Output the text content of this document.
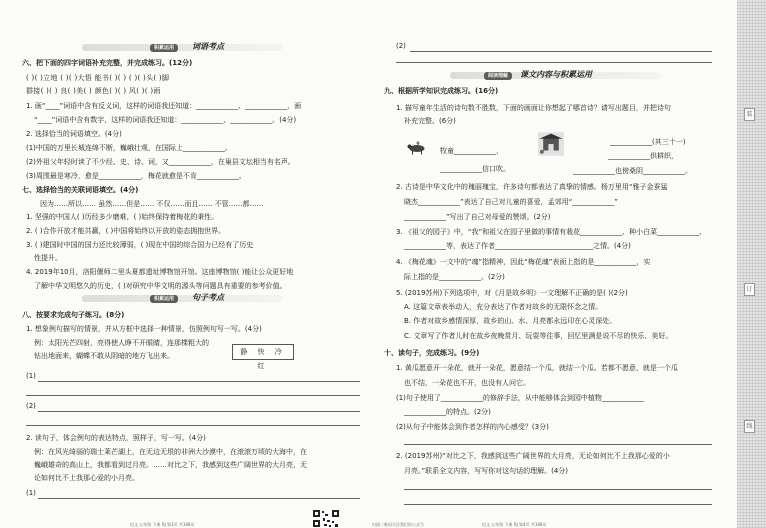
积累运用	词语考点
六、把下面的四字词语补充完整，并完成练习。(12分)
( )( )立地 ( )( )大悟 能书( )( ) ( )( )头( )脚
群接( )( ) 良( )美( ) 颜色( )( ) 风( )( )雨
1. 画“____”词语中含有反义词，这样的词语我还知道：____________、____________，画
“____”词语中含有数字，这样的词语我还知道：____________、____________。(4分)
2. 选择恰当的词语填空。(4分)
(1)中国的万里长城连绵不断，巍峨壮观，在国际上____________。
(2)外祖父年轻时读了不少经、史、诗、词，又____________，在巢县文坛相当有名声。
(3)周围最是寒冷，愈是____________，梅花就愈是不肯____________。
七、选择恰当的关联词语填空。(4分)
因为……所以…… 虽然……但是…… 不仅……而且…… 不管……都……
1. 坚强的中国人( )历经多少磨难，( )始终保持着梅花的秉性。
2. ( )合作开放才能共赢，( )中国将始终以开放的姿态拥抱世界。
3. ( )建国时中国的国力还比较薄弱，( )现在中国的综合国力已经有了历史
性提升。
4. 2019年10月，洛阳偃师二里头夏都遗址博物馆开馆。这座博物馆( )能让公众更好地
了解中华文明悠久的历史，( )对研究中华文明的源头等问题具有重要的参考价值。
积累运用	句子考点
八、按要求完成句子练习。(8分)
1. 想象例句描写的情景，并从方框中选择一种情景，仿照例句写一写。(4分)
例：太阳光芒四射，亮得使人睁不开眼睛，连那棵粗大的
钻出地面来，蝴蝶不敢从阴暗的地方飞出来。	静 快 冷 红
(1)
(2)
2. 读句子，体会例句的表达特点，照样子，写一写。(4分)
例：在风光绮丽的瑞士莱芒湖上，在无边无垠的非洲大沙漠中，在滚滚万顷的大海中，在
巍峨雄奇的高山上，我都看到过月亮。……对比之下，我感到这些广阔世界的大月亮，无
论如何比不上我那心爱的小月亮。
(1)
语文 五年级 下册 RJ 第3页 共188页
(2)
阅读理解	课文内容与积累运用
九、根据所学知识完成练习。(16分)
1. 描写童年生活的诗句数不胜数，下面的画面让你想起了哪首诗？请写出题目，并把诗句
补充完整。(6分)
牧童____________，
____________信口吹。
____________(其三十一)
____________供耕织，
____________也傍桑阴____________。
2. 古诗是中华文化中的瑰丽瑰宝，许多诗句都表达了真挚的情感。杨万里用“雅子金蚕猛
晓杰____________”表达了自己对儿童的喜爱，孟郊用“____________”
____________”写出了自己对母爱的赞颂。(2分)
3. 《祖父的园子》中，“我”和祖父在园子里做的事情有栽花____________、种小白菜____________、
____________等，表达了作者____________________________之情。(4分)
4. 《梅花魂》一文中的“魂”指精神，因此“梅花魂”表面上指的是____________，实
际上指的是____________。(2分)
5. (2019苏州)下列选项中，对《月是故乡明》一文理解不正确的是( )(2分)
A. 这篇文章表举动人，充分表达了作者对故乡的无限怀念之情。
B. 作者对故乡感情深厚，故乡的山、水、月亮都永远印在心灵深处。
C. 文章写了作者儿时在故乡夜晚赏月、玩耍等往事，回忆里满是说不尽的快乐、美好。
十、读句子，完成练习。(9分)
1. 黄瓜愿意开一朵花，就开一朵花，愿意结一个瓜，就结一个瓜。若都不愿意，就是一个瓜
也不结，一朵花也不开，也没有人问它。
(1)句子使用了____________的修辞手法，从中能够体会到园中植物____________
____________的特点。(2分)
(2)从句子中能体会到作者怎样的内心感受？(3分)
2. (2019苏州)“对比之下，我感到这些广阔世界的大月亮，无论如何比不上我那心爱的小
月亮。”联系全文内容，写写你对这句话的理解。(4分)
扫描二维码关注我们的公众号	语文 五年级 下册 RJ 第4页 共188页
装
订
线
